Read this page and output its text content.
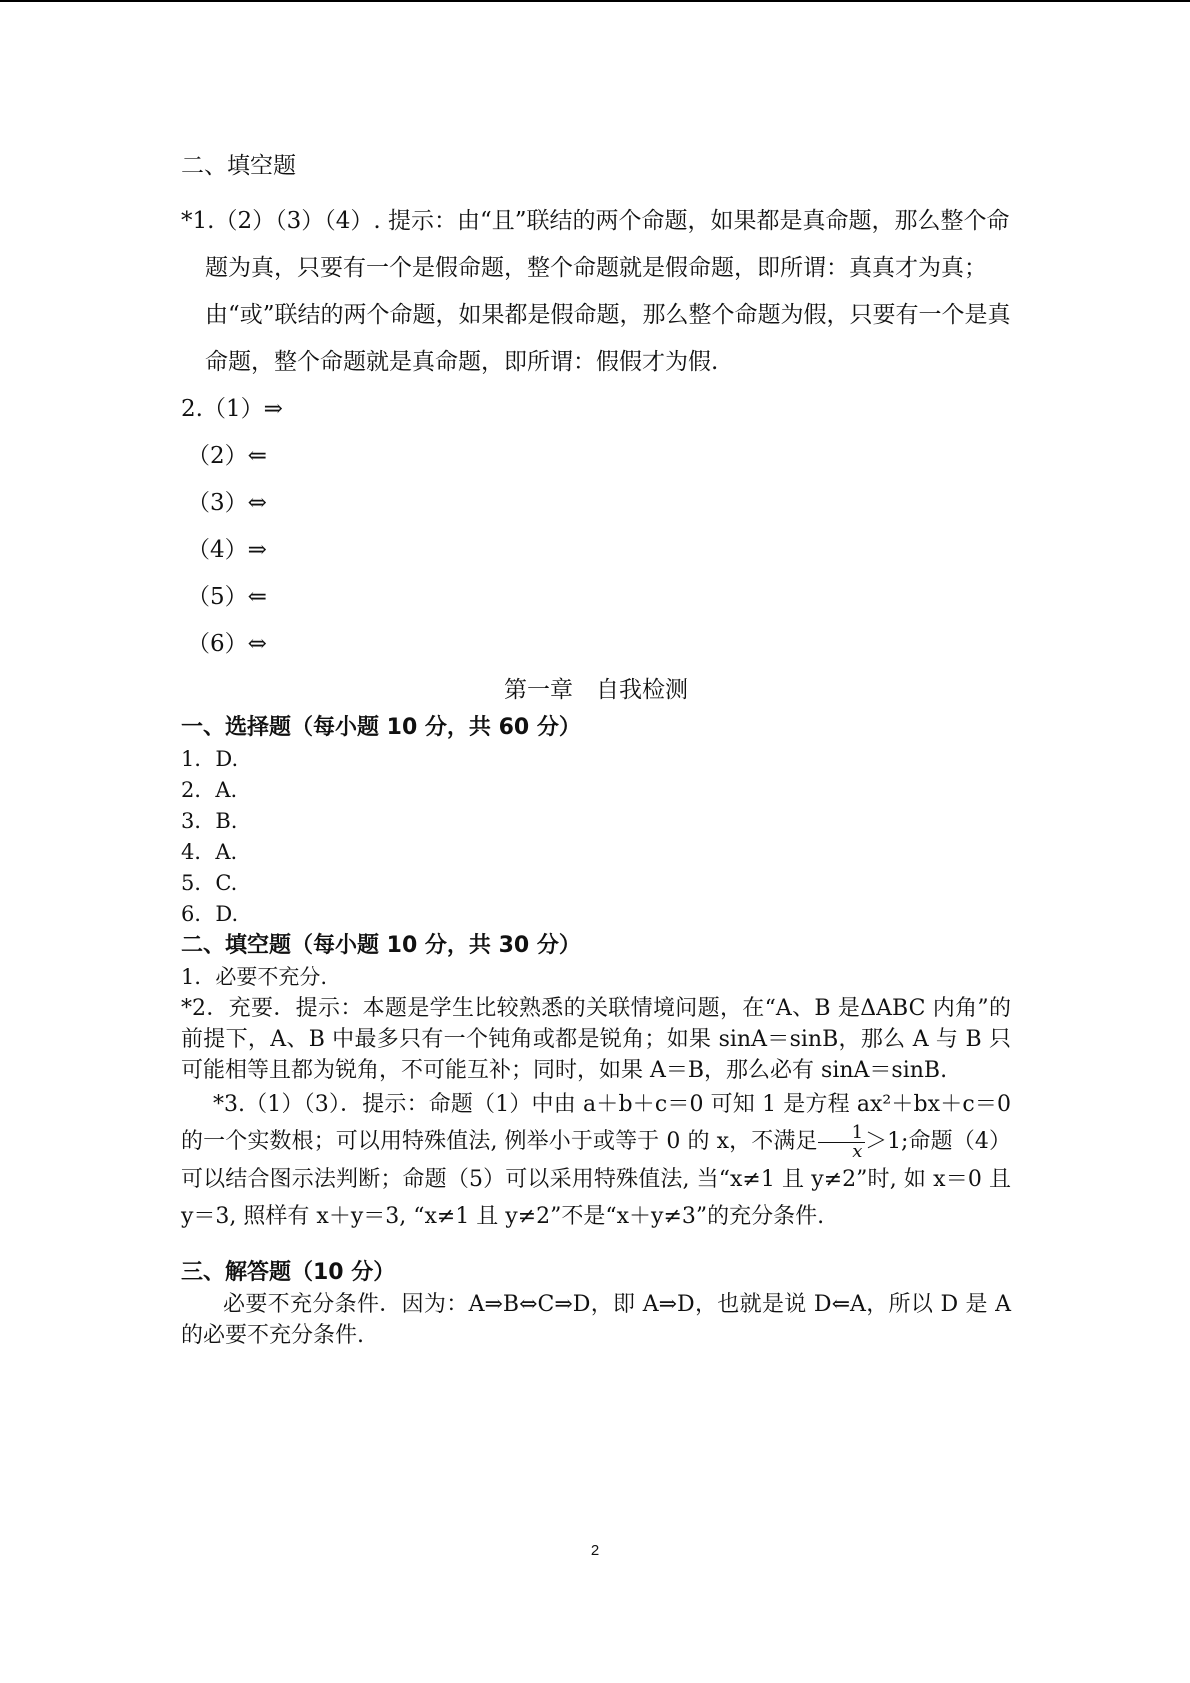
二、填空题

*1.（2）（3）（4）. 提示：由“且”联结的两个命题，如果都是真命题，那么整个命题为真，只要有一个是假命题，整个命题就是假命题，即所谓：真真才为真；由“或”联结的两个命题，如果都是假命题，那么整个命题为假，只要有一个是真命题，整个命题就是真命题，即所谓：假假才为假.

2.（1）⇒

（2）⇐

（3）⇔

（4）⇒

（5）⇐

（6）⇔

第一章　自我检测

一、选择题（每小题 10 分，共 60 分）

1．D.

2．A.

3．B.

4．A.

5．C.

6．D.

二、填空题（每小题 10 分，共 30 分）

1．必要不充分.

*2．充要．提示：本题是学生比较熟悉的关联情境问题，在“A、B 是ΔABC 内角”的前提下，A、B 中最多只有一个钝角或都是锐角；如果 sinA＝sinB，那么 A 与 B 只可能相等且都为锐角，不可能互补；同时，如果 A＝B，那么必有 sinA＝sinB.

*3.（1）（3）．提示：命题（1）中由 a＋b＋c＝0 可知 1 是方程 ax²＋bx＋c＝0 的一个实数根；可以用特殊值法, 例举小于或等于 0 的 x，不满足 $\frac{1}{x} >1$;命题（4）可以结合图示法判断；命题（5）可以采用特殊值法, 当“x≠1 且 y≠2”时, 如 x＝0 且 y＝3, 照样有 x＋y＝3, “x≠1 且 y≠2”不是“x＋y≠3”的充分条件.

三、解答题（10 分）

必要不充分条件．因为：A⇒B⇔C⇒D，即 A⇒D，也就是说 D⇐A，所以 D 是 A 的必要不充分条件.

2
